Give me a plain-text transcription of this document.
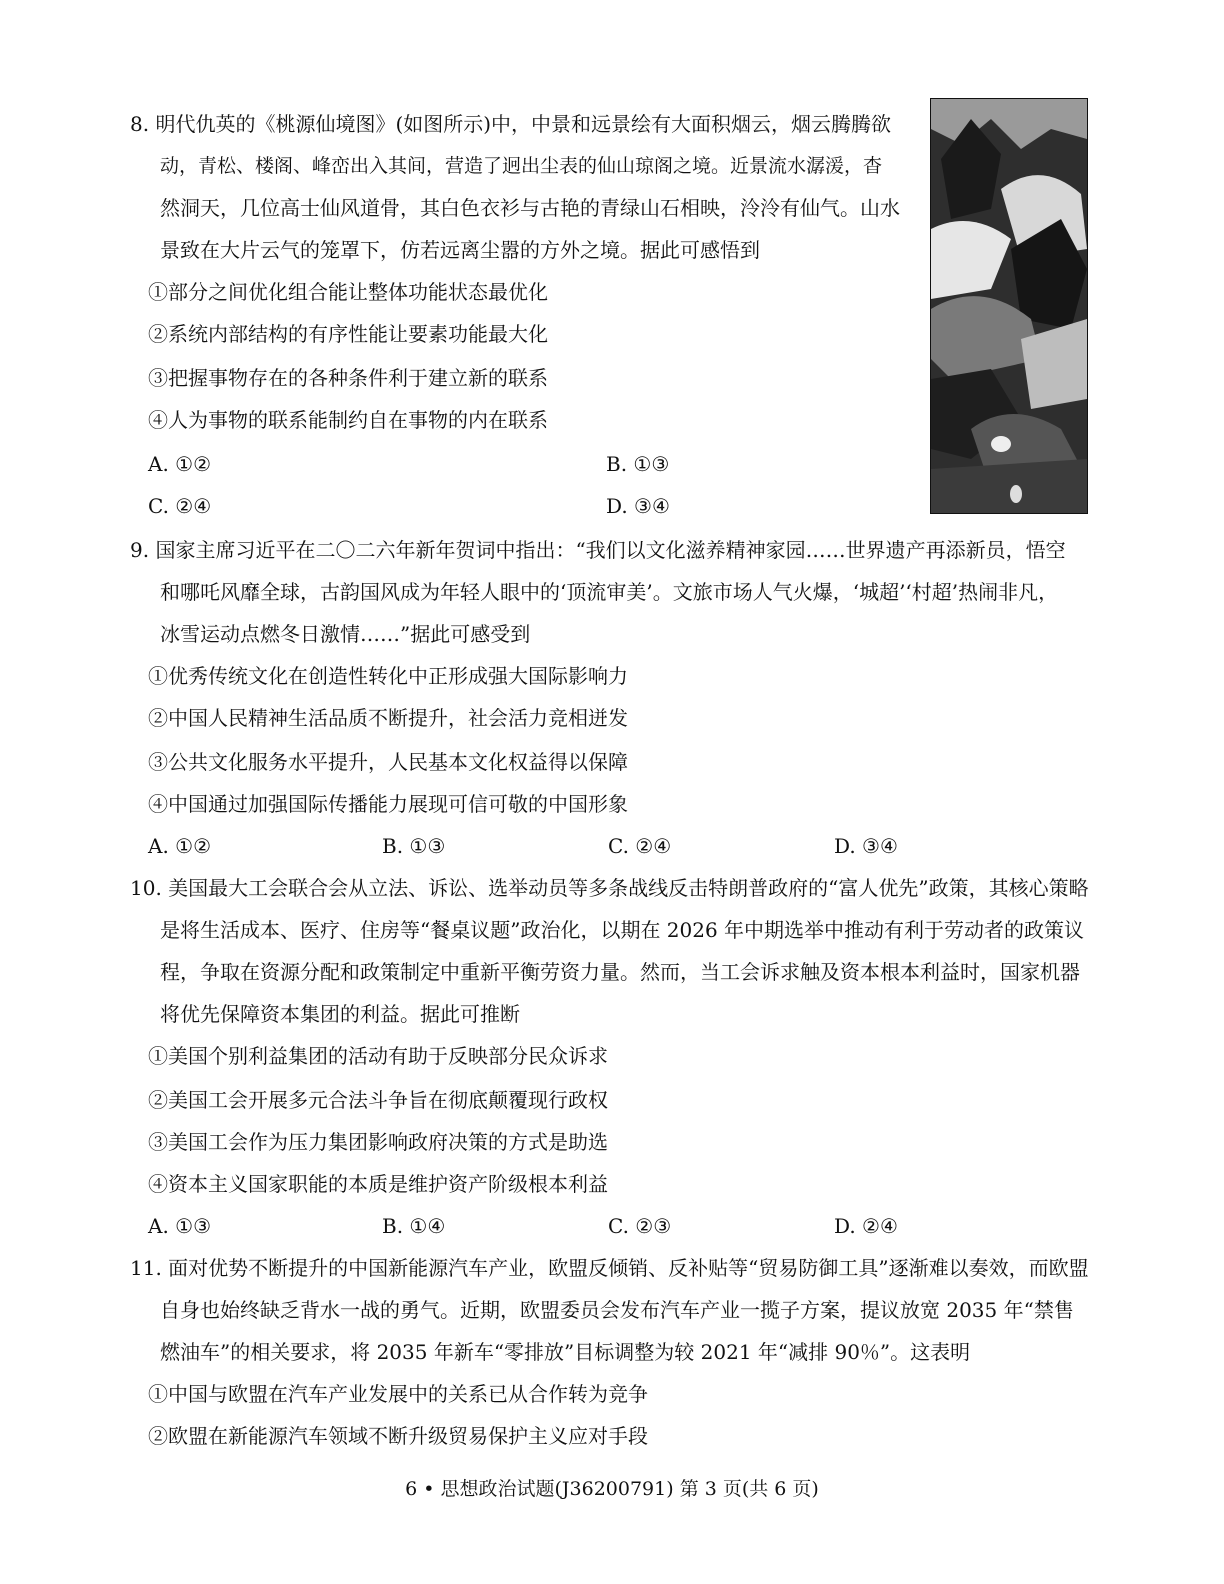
8. 明代仇英的《桃源仙境图》(如图所示)中，中景和远景绘有大面积烟云，烟云腾腾欲
动，青松、楼阁、峰峦出入其间，营造了迥出尘表的仙山琼阁之境。近景流水潺湲，杳
然洞天，几位高士仙风道骨，其白色衣衫与古艳的青绿山石相映，泠泠有仙气。山水
景致在大片云气的笼罩下，仿若远离尘嚣的方外之境。据此可感悟到
①部分之间优化组合能让整体功能状态最优化
②系统内部结构的有序性能让要素功能最大化
③把握事物存在的各种条件利于建立新的联系
④人为事物的联系能制约自在事物的内在联系
A. ①②	B. ①③
C. ②④	D. ③④
9. 国家主席习近平在二〇二六年新年贺词中指出：“我们以文化滋养精神家园……世界遗产再添新员，悟空
和哪吒风靡全球，古韵国风成为年轻人眼中的‘顶流审美’。文旅市场人气火爆，‘城超’‘村超’热闹非凡，
冰雪运动点燃冬日激情……”据此可感受到
①优秀传统文化在创造性转化中正形成强大国际影响力
②中国人民精神生活品质不断提升，社会活力竞相迸发
③公共文化服务水平提升，人民基本文化权益得以保障
④中国通过加强国际传播能力展现可信可敬的中国形象
A. ①②	B. ①③	C. ②④	D. ③④
10. 美国最大工会联合会从立法、诉讼、选举动员等多条战线反击特朗普政府的“富人优先”政策，其核心策略
是将生活成本、医疗、住房等“餐桌议题”政治化，以期在 2026 年中期选举中推动有利于劳动者的政策议
程，争取在资源分配和政策制定中重新平衡劳资力量。然而，当工会诉求触及资本根本利益时，国家机器
将优先保障资本集团的利益。据此可推断
①美国个别利益集团的活动有助于反映部分民众诉求
②美国工会开展多元合法斗争旨在彻底颠覆现行政权
③美国工会作为压力集团影响政府决策的方式是助选
④资本主义国家职能的本质是维护资产阶级根本利益
A. ①③	B. ①④	C. ②③	D. ②④
11. 面对优势不断提升的中国新能源汽车产业，欧盟反倾销、反补贴等“贸易防御工具”逐渐难以奏效，而欧盟
自身也始终缺乏背水一战的勇气。近期，欧盟委员会发布汽车产业一揽子方案，提议放宽 2035 年“禁售
燃油车”的相关要求，将 2035 年新车“零排放”目标调整为较 2021 年“减排 90％”。这表明
①中国与欧盟在汽车产业发展中的关系已从合作转为竞争
②欧盟在新能源汽车领域不断升级贸易保护主义应对手段
6 • 思想政治试题(J36200791) 第 3 页(共 6 页)
